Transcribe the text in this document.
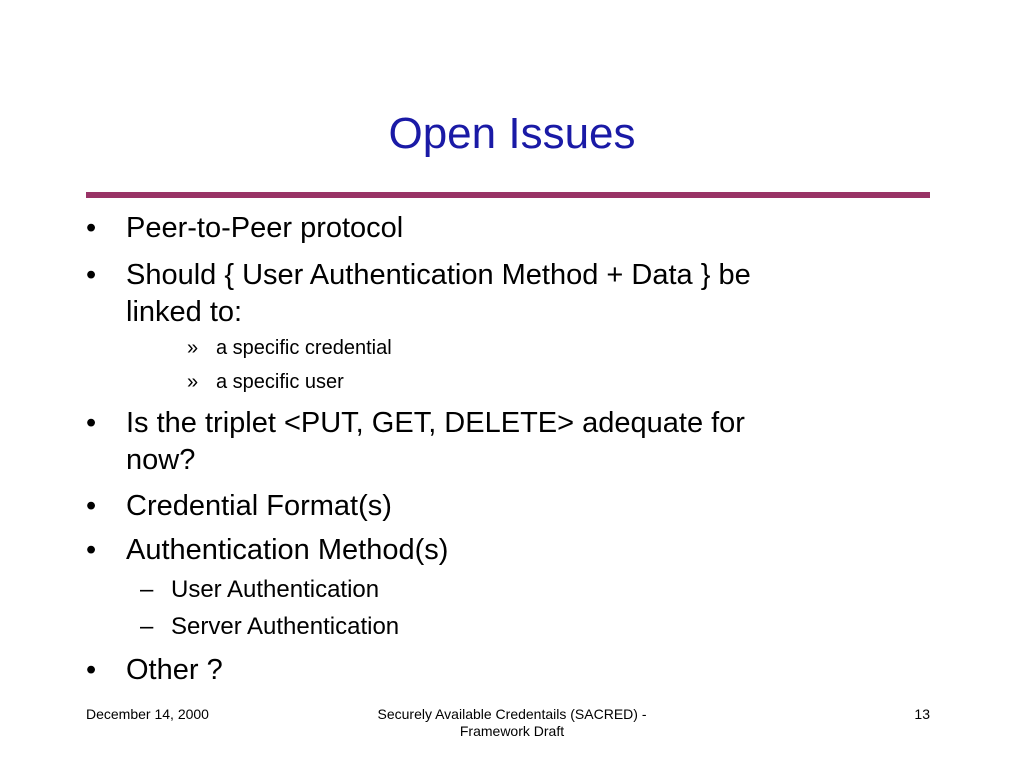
Open Issues
• Peer-to-Peer protocol
• Should { User Authentication Method + Data } be
linked to:
» a specific credential
» a specific user
• Is the triplet <PUT, GET, DELETE> adequate for
now?
• Credential Format(s)
• Authentication Method(s)
– User Authentication
– Server Authentication
• Other ?
December 14, 2000	Securely Available Credentails (SACRED) -
Framework Draft
13
